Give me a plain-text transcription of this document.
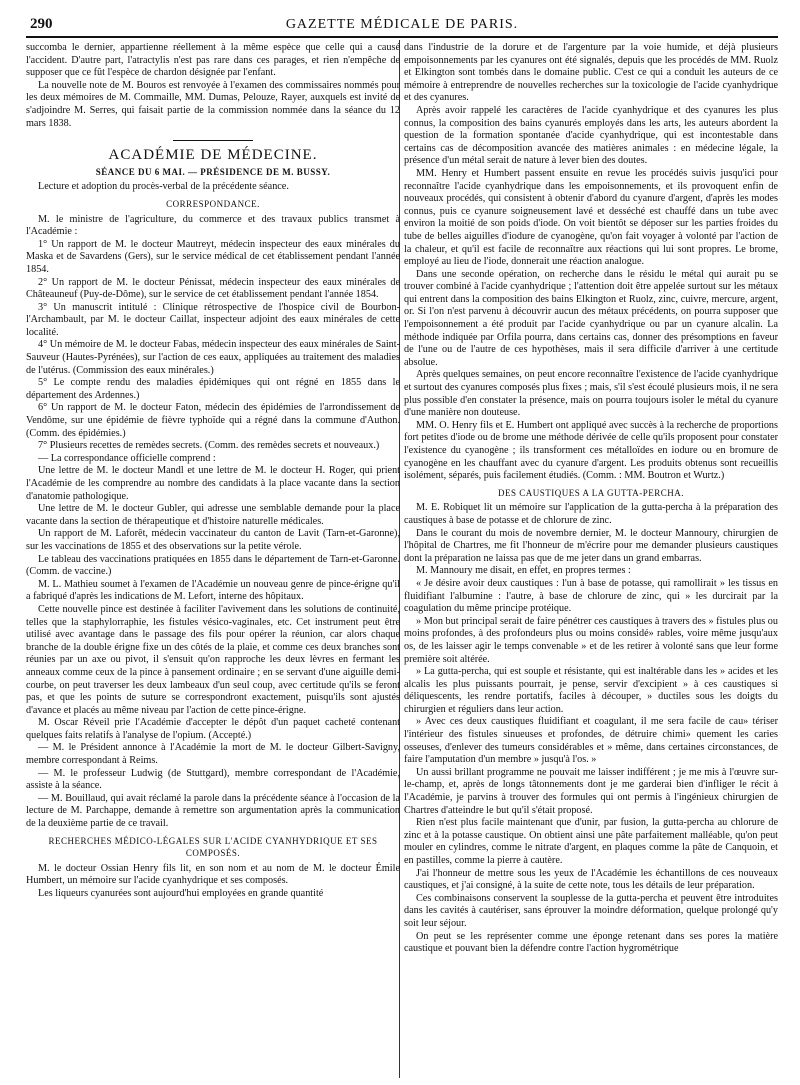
290	GAZETTE MÉDICALE DE PARIS.

succomba le dernier, appartienne réellement à la même espèce que celle qui a causé l'accident. D'autre part, l'atractylis n'est pas rare dans ces parages, et rien n'empêche de supposer que ce fût l'espèce de chardon désignée par l'enfant.

La nouvelle note de M. Bouros est renvoyée à l'examen des commissaires nommés pour les deux mémoires de M. Commaille, MM. Dumas, Pelouze, Rayer, auxquels est invité de s'adjoindre M. Serres, qui faisait partie de la commission nommée dans la séance du 12 mars 1838.

ACADÉMIE DE MÉDECINE.
SÉANCE DU 6 MAI. — PRÉSIDENCE DE M. BUSSY.

Lecture et adoption du procès-verbal de la précédente séance.

CORRESPONDANCE.

M. le ministre de l'agriculture, du commerce et des travaux publics transmet à l'Académie :

1° Un rapport de M. le docteur Mautreyt, médecin inspecteur des eaux minérales du Maska et de Savardens (Gers), sur le service médical de cet établissement pendant l'année 1854.

2° Un rapport de M. le docteur Pénissat, médecin inspecteur des eaux minérales de Châteauneuf (Puy-de-Dôme), sur le service de cet établissement pendant l'année 1854.

3° Un manuscrit intitulé : Clinique rétrospective de l'hospice civil de Bourbon-l'Archambault, par M. le docteur Caillat, inspecteur adjoint des eaux minérales de cette localité.

4° Un mémoire de M. le docteur Fabas, médecin inspecteur des eaux minérales de Saint-Sauveur (Hautes-Pyrénées), sur l'action de ces eaux, appliquées au traitement des maladies de l'utérus. (Commission des eaux minérales.)

5° Le compte rendu des maladies épidémiques qui ont régné en 1855 dans le département des Ardennes.)

6° Un rapport de M. le docteur Faton, médecin des épidémies de l'arrondissement de Vendôme, sur une épidémie de fièvre typhoïde qui a régné dans la commune d'Authon. (Comm. des épidémies.)

7° Plusieurs recettes de remèdes secrets. (Comm. des remèdes secrets et nouveaux.)

— La correspondance officielle comprend :

Une lettre de M. le docteur Mandl et une lettre de M. le docteur H. Roger, qui prient l'Académie de les comprendre au nombre des candidats à la place vacante dans la section d'anatomie pathologique.

Une lettre de M. le docteur Gubler, qui adresse une semblable demande pour la place vacante dans la section de thérapeutique et d'histoire naturelle médicales.

Un rapport de M. Laforêt, médecin vaccinateur du canton de Lavit (Tarn-et-Garonne), sur les vaccinations de 1855 et des observations sur la petite vérole.

Le tableau des vaccinations pratiquées en 1855 dans le département de Tarn-et-Garonne. (Comm. de vaccine.)

M. L. Mathieu soumet à l'examen de l'Académie un nouveau genre de pince-érigne qu'il a fabriqué d'après les indications de M. Lefort, interne des hôpitaux.

Cette nouvelle pince est destinée à faciliter l'avivement dans les solutions de continuité, telles que la staphylorraphie, les fistules vésico-vaginales, etc. Cet instrument peut être utilisé avec avantage dans le passage des fils pour opérer la réunion, car alors chaque branche de la double érigne fixe un des côtés de la plaie, et comme ces deux branches sont réunies par un axe ou pivot, il s'ensuit qu'on rapproche les deux lèvres en fermant les anneaux comme ceux de la pince à pansement ordinaire ; en se servant d'une aiguille demi-courbe, on peut traverser les deux lambeaux d'un seul coup, avec certitude qu'ils se feront pas, et que les points de suture se correspondront exactement, puisqu'ils sont ajustés d'avance et placés au même niveau par l'action de cette pince-érigne.

M. Oscar Réveil prie l'Académie d'accepter le dépôt d'un paquet cacheté contenant quelques faits relatifs à l'analyse de l'opium. (Accepté.)

— M. le Président annonce à l'Académie la mort de M. le docteur Gilbert-Savigny, membre correspondant à Reims.

— M. le professeur Ludwig (de Stuttgard), membre correspondant de l'Académie, assiste à la séance.

— M. Bouillaud, qui avait réclamé la parole dans la précédente séance à l'occasion de la lecture de M. Parchappe, demande à remettre son argumentation après la communication de la deuxième partie de ce travail.

RECHERCHES MÉDICO-LÉGALES SUR L'ACIDE CYANHYDRIQUE ET SES COMPOSÉS.

M. le docteur Ossian Henry fils lit, en son nom et au nom de M. le docteur Émile Humbert, un mémoire sur l'acide cyanhydrique et ses composés.

Les liqueurs cyanurées sont aujourd'hui employées en grande quantité

dans l'industrie de la dorure et de l'argenture par la voie humide, et déjà plusieurs empoisonnements par les cyanures ont été signalés, depuis que les procédés de MM. Ruolz et Elkington sont tombés dans le domaine public. C'est ce qui a conduit les auteurs de ce mémoire à entreprendre de nouvelles recherches sur la toxicologie de l'acide cyanhydrique et des cyanures.

Après avoir rappelé les caractères de l'acide cyanhydrique et des cyanures les plus connus, la composition des bains cyanurés employés dans les arts, les auteurs abordent la question de la formation spontanée d'acide cyanhydrique, qui est incontestable dans certains cas de décomposition avancée des matières animales : en médecine légale, la présence d'un métal serait de nature à lever bien des doutes.

MM. Henry et Humbert passent ensuite en revue les procédés suivis jusqu'ici pour reconnaître l'acide cyanhydrique dans les empoisonnements, et ils provoquent enfin de nouveaux procédés, qui consistent à obtenir d'abord du cyanure d'argent, d'après les modes connus, puis ce cyanure soigneusement lavé et desséché est chauffé dans un tube avec environ la moitié de son poids d'iode. On voit bientôt se déposer sur les parties froides du tube de belles aiguilles d'iodure de cyanogène, qu'on fait voyager à volonté par l'action de la chaleur, et qu'il est facile de reconnaître aux réactions qui lui sont propres. Le brome, employé au lieu de l'iode, donnerait une réaction analogue.

Dans une seconde opération, on recherche dans le résidu le métal qui aurait pu se trouver combiné à l'acide cyanhydrique ; l'attention doit être appelée surtout sur les métaux qui entrent dans la composition des bains Elkington et Ruolz, zinc, cuivre, mercure, argent, or. Si l'on n'est parvenu à découvrir aucun des métaux précédents, on pourra supposer que l'empoisonnement a été produit par l'acide cyanhydrique ou par un cyanure alcalin. La méthode indiquée par Orfila pourra, dans certains cas, donner des présomptions en faveur de l'une ou de l'autre de ces hypothèses, mais il sera difficile d'arriver à une certitude absolue.

Après quelques semaines, on peut encore reconnaître l'existence de l'acide cyanhydrique et surtout des cyanures composés plus fixes ; mais, s'il s'est écoulé plusieurs mois, il ne sera plus possible d'en constater la présence, mais on pourra toujours isoler le métal du cyanure d'une manière non douteuse.

MM. O. Henry fils et E. Humbert ont appliqué avec succès à la recherche de proportions fort petites d'iode ou de brome une méthode dérivée de celle qu'ils proposent pour constater l'existence du cyanogène ; ils transforment ces métalloïdes en iodure ou en bromure de cyanogène en les chauffant avec du cyanure d'argent. Les produits obtenus sont recueillis isolément, séparés, puis facilement étudiés. (Comm. : MM. Boutron et Wurtz.)

DES CAUSTIQUES A LA GUTTA-PERCHA.

M. E. Robiquet lit un mémoire sur l'application de la gutta-percha à la préparation des caustiques à base de potasse et de chlorure de zinc.

Dans le courant du mois de novembre dernier, M. le docteur Mannoury, chirurgien de l'hôpital de Chartres, me fit l'honneur de m'écrire pour me demander plusieurs caustiques dont la préparation ne laissa pas que de me jeter dans un grand embarras.

M. Mannoury me disait, en effet, en propres termes :

« Je désire avoir deux caustiques : l'un à base de potasse, qui ramollirait » les tissus en fluidifiant l'albumine : l'autre, à base de chlorure de zinc, qui » les durcirait par la coagulation du même principe protéique.

» Mon but principal serait de faire pénétrer ces caustiques à travers des » fistules plus ou moins profondes, à des profondeurs plus ou moins considé» rables, voire même jusqu'aux os, de les laisser agir le temps convenable » et de les retirer à volonté sans que leur forme première soit altérée.

» La gutta-percha, qui est souple et résistante, qui est inaltérable dans les » acides et les alcalis les plus puissants pourrait, je pense, servir d'excipient » à ces caustiques si déliquescents, les rendre portatifs, faciles à découper, » ductiles sous les doigts du chirurgien et réguliers dans leur action.

» Avec ces deux caustiques fluidifiant et coagulant, il me sera facile de cau» tériser l'intérieur des fistules sinueuses et profondes, de détruire chimi» quement les caries osseuses, d'enlever des tumeurs considérables et » même, dans certaines circonstances, de faire l'amputation d'un membre » jusqu'à l'os. »

Un aussi brillant programme ne pouvait me laisser indifférent ; je me mis à l'œuvre sur-le-champ, et, après de longs tâtonnements dont je me garderai bien d'infliger le récit à l'Académie, je parvins à trouver des formules qui ont permis à l'ingénieux chirurgien de Chartres d'atteindre le but qu'il s'était proposé.

Rien n'est plus facile maintenant que d'unir, par fusion, la gutta-percha au chlorure de zinc et à la potasse caustique. On obtient ainsi une pâte parfaitement malléable, qu'on peut mouler en cylindres, comme le nitrate d'argent, en plaques comme la pâte de Canquoin, et en pastilles, comme la pierre à cautère.

J'ai l'honneur de mettre sous les yeux de l'Académie les échantillons de ces nouveaux caustiques, et j'ai consigné, à la suite de cette note, tous les détails de leur préparation.

Ces combinaisons conservent la souplesse de la gutta-percha et peuvent être introduites dans les cavités à cautériser, sans éprouver la moindre déformation, quelque prolongé qu'y soit leur séjour.

On peut se les représenter comme une éponge retenant dans ses pores la matière caustique et pouvant bien la défendre contre l'action hygrométrique
